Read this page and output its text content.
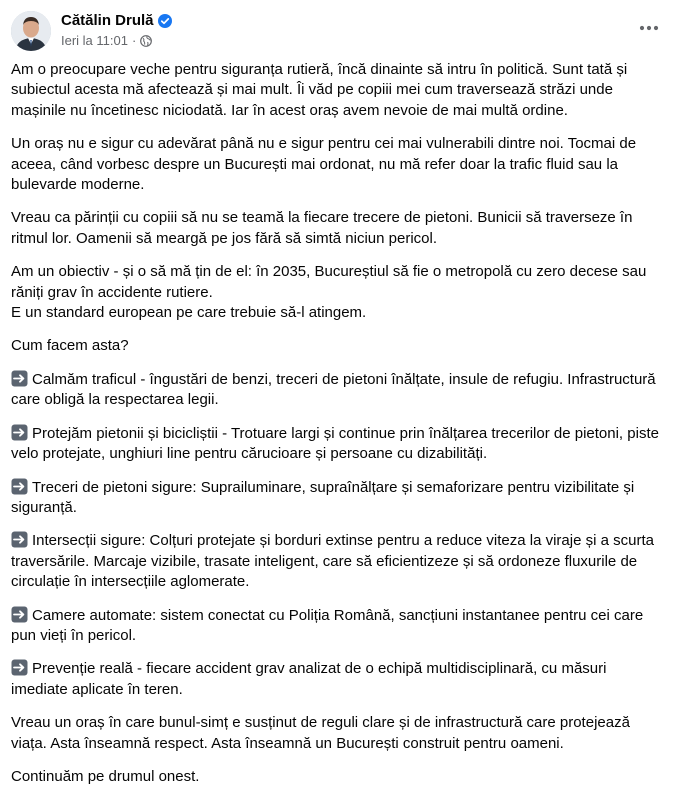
Cătălin Drulă
Ieri la 11:01 ·

Am o preocupare veche pentru siguranța rutieră, încă dinainte să intru în politică. Sunt tată și subiectul acesta mă afectează și mai mult. Îi văd pe copiii mei cum traversează străzi unde mașinile nu încetinesc niciodată. Iar în acest oraș avem nevoie de mai multă ordine.

Un oraș nu e sigur cu adevărat până nu e sigur pentru cei mai vulnerabili dintre noi. Tocmai de aceea, când vorbesc despre un București mai ordonat, nu mă refer doar la trafic fluid sau la bulevarde moderne.

Vreau ca părinții cu copiii să nu se teamă la fiecare trecere de pietoni. Bunicii să traverseze în ritmul lor. Oamenii să meargă pe jos fără să simtă niciun pericol.

Am un obiectiv - și o să mă țin de el: în 2035, Bucureștiul să fie o metropolă cu zero decese sau răniți grav în accidente rutiere.
E un standard european pe care trebuie să-l atingem.

Cum facem asta?

Calmăm traficul - îngustări de benzi, treceri de pietoni înălțate, insule de refugiu. Infrastructură care obligă la respectarea legii.

Protejăm pietonii și bicicliștii - Trotuare largi și continue prin înălțarea trecerilor de pietoni, piste velo protejate, unghiuri line pentru cărucioare și persoane cu dizabilități.

Treceri de pietoni sigure: Suprailuminare, supraînălțare și semaforizare pentru vizibilitate și siguranță.

Intersecții sigure: Colțuri protejate și borduri extinse pentru a reduce viteza la viraje și a scurta traversările. Marcaje vizibile, trasate inteligent, care să eficientizeze și să ordoneze fluxurile de circulație în intersecțiile aglomerate.

Camere automate: sistem conectat cu Poliția Română, sancțiuni instantanee pentru cei care pun vieți în pericol.

Prevenție reală - fiecare accident grav analizat de o echipă multidisciplinară, cu măsuri imediate aplicate în teren.

Vreau un oraș în care bunul-simț e susținut de reguli clare și de infrastructură care protejează viața. Asta înseamnă respect. Asta înseamnă un București construit pentru oameni.

Continuăm pe drumul onest.
